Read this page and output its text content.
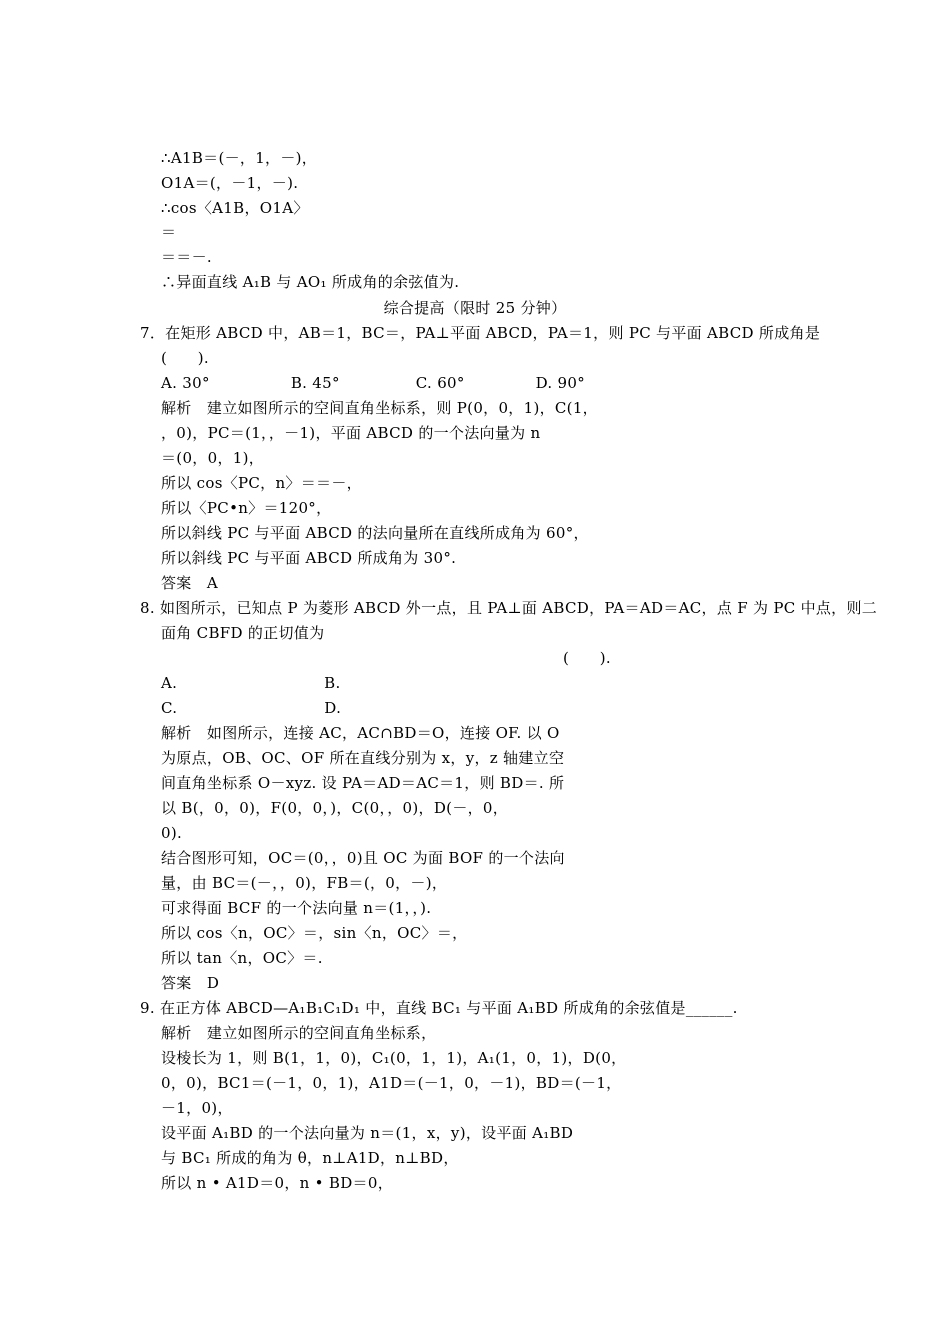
∴A1B＝(－，1，－)，
O1A＝(，－1，－).
∴cos〈A1B，O1A〉
＝
＝＝－.
∴异面直线 A₁B 与 AO₁ 所成角的余弦值为.
综合提高（限时 25 分钟）
7．在矩形 ABCD 中，AB＝1，BC＝，PA⊥平面 ABCD，PA＝1，则 PC 与平面 ABCD 所成角是
(　　).
A. 30°                B. 45°               C. 60°              D. 90°
解析　建立如图所示的空间直角坐标系，则 P(0，0，1)，C(1，
，0)，PC＝(1，，－1)，平面 ABCD 的一个法向量为 n
＝(0，0，1)，
所以 cos〈PC，n〉＝＝－，
所以〈PC•n〉＝120°，
所以斜线 PC 与平面 ABCD 的法向量所在直线所成角为 60°，
所以斜线 PC 与平面 ABCD 所成角为 30°.
答案　A
8. 如图所示，已知点 P 为菱形 ABCD 外一点，且 PA⊥面 ABCD，PA＝AD＝AC，点 F 为 PC 中点，则二
面角 CBFD 的正切值为
(　　).
A.                             B.
C.                             D.
解析　如图所示，连接 AC，AC∩BD＝O，连接 OF. 以 O
为原点，OB、OC、OF 所在直线分别为 x，y，z 轴建立空
间直角坐标系 O－xyz. 设 PA＝AD＝AC＝1，则 BD＝. 所
以 B(，0，0)，F(0，0，)，C(0，，0)，D(－，0，
0).
结合图形可知，OC＝(0，，0)且 OC 为面 BOF 的一个法向
量，由 BC＝(－，，0)，FB＝(，0，－)，
可求得面 BCF 的一个法向量 n＝(1，，).
所以 cos〈n，OC〉＝，sin〈n，OC〉＝，
所以 tan〈n，OC〉＝.
答案　D
9. 在正方体 ABCD—A₁B₁C₁D₁ 中，直线 BC₁ 与平面 A₁BD 所成角的余弦值是______.
解析　建立如图所示的空间直角坐标系，
设棱长为 1，则 B(1，1，0)，C₁(0，1，1)，A₁(1，0，1)，D(0，
0，0)，BC1＝(－1，0，1)，A1D＝(－1，0，－1)，BD＝(－1，
－1，0)，
设平面 A₁BD 的一个法向量为 n＝(1，x，y)，设平面 A₁BD
与 BC₁ 所成的角为 θ，n⊥A1D，n⊥BD，
所以 n • A1D＝0，n • BD＝0，
